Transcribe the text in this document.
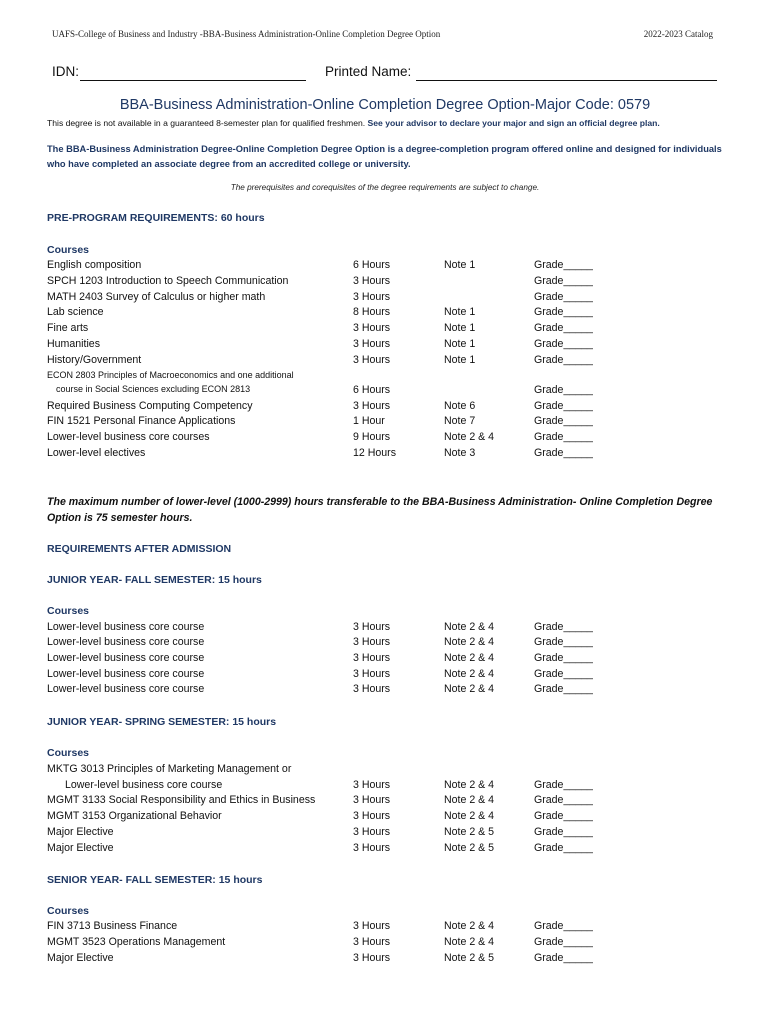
UAFS-College of Business and Industry -BBA-Business Administration-Online Completion Degree Option	2022-2023 Catalog
IDN:	Printed Name:
BBA-Business Administration-Online Completion Degree Option-Major Code: 0579
This degree is not available in a guaranteed 8-semester plan for qualified freshmen. See your advisor to declare your major and sign an official degree plan.
The BBA-Business Administration Degree-Online Completion Degree Option is a degree-completion program offered online and designed for individuals who have completed an associate degree from an accredited college or university.
The prerequisites and corequisites of the degree requirements are subject to change.
PRE-PROGRAM REQUIREMENTS: 60 hours
Courses
English composition	6 Hours	Note 1	Grade_____
SPCH 1203 Introduction to Speech Communication	3 Hours	Grade_____
MATH 2403 Survey of Calculus or higher math	3 Hours	Grade_____
Lab science	8 Hours	Note 1	Grade_____
Fine arts	3 Hours	Note 1	Grade_____
Humanities	3 Hours	Note 1	Grade_____
History/Government	3 Hours	Note 1	Grade_____
ECON 2803 Principles of Macroeconomics and one additional
course in Social Sciences excluding ECON 2813	6 Hours	Grade_____
Required Business Computing Competency	3 Hours	Note 6	Grade_____
FIN 1521 Personal Finance Applications	1 Hour	Note 7	Grade_____
Lower-level business core courses	9 Hours	Note 2 & 4	Grade_____
Lower-level electives	12 Hours	Note 3	Grade_____
The maximum number of lower-level (1000-2999) hours transferable to the BBA-Business Administration- Online Completion Degree Option is 75 semester hours.
REQUIREMENTS AFTER ADMISSION
JUNIOR YEAR- FALL SEMESTER: 15 hours
Courses
Lower-level business core course	3 Hours	Note 2 & 4	Grade_____
Lower-level business core course	3 Hours	Note 2 & 4	Grade_____
Lower-level business core course	3 Hours	Note 2 & 4	Grade_____
Lower-level business core course	3 Hours	Note 2 & 4	Grade_____
Lower-level business core course	3 Hours	Note 2 & 4	Grade_____
JUNIOR YEAR- SPRING SEMESTER: 15 hours
Courses
MKTG 3013 Principles of Marketing Management or
Lower-level business core course	3 Hours	Note 2 & 4	Grade_____
MGMT 3133 Social Responsibility and Ethics in Business	3 Hours	Note 2 & 4	Grade_____
MGMT 3153 Organizational Behavior	3 Hours	Note 2 & 4	Grade_____
Major Elective	3 Hours	Note 2 & 5	Grade_____
Major Elective	3 Hours	Note 2 & 5	Grade_____
SENIOR YEAR- FALL SEMESTER: 15 hours
Courses
FIN 3713 Business Finance	3 Hours	Note 2 & 4	Grade_____
MGMT 3523 Operations Management	3 Hours	Note 2 & 4	Grade_____
Major Elective	3 Hours	Note 2 & 5	Grade_____
